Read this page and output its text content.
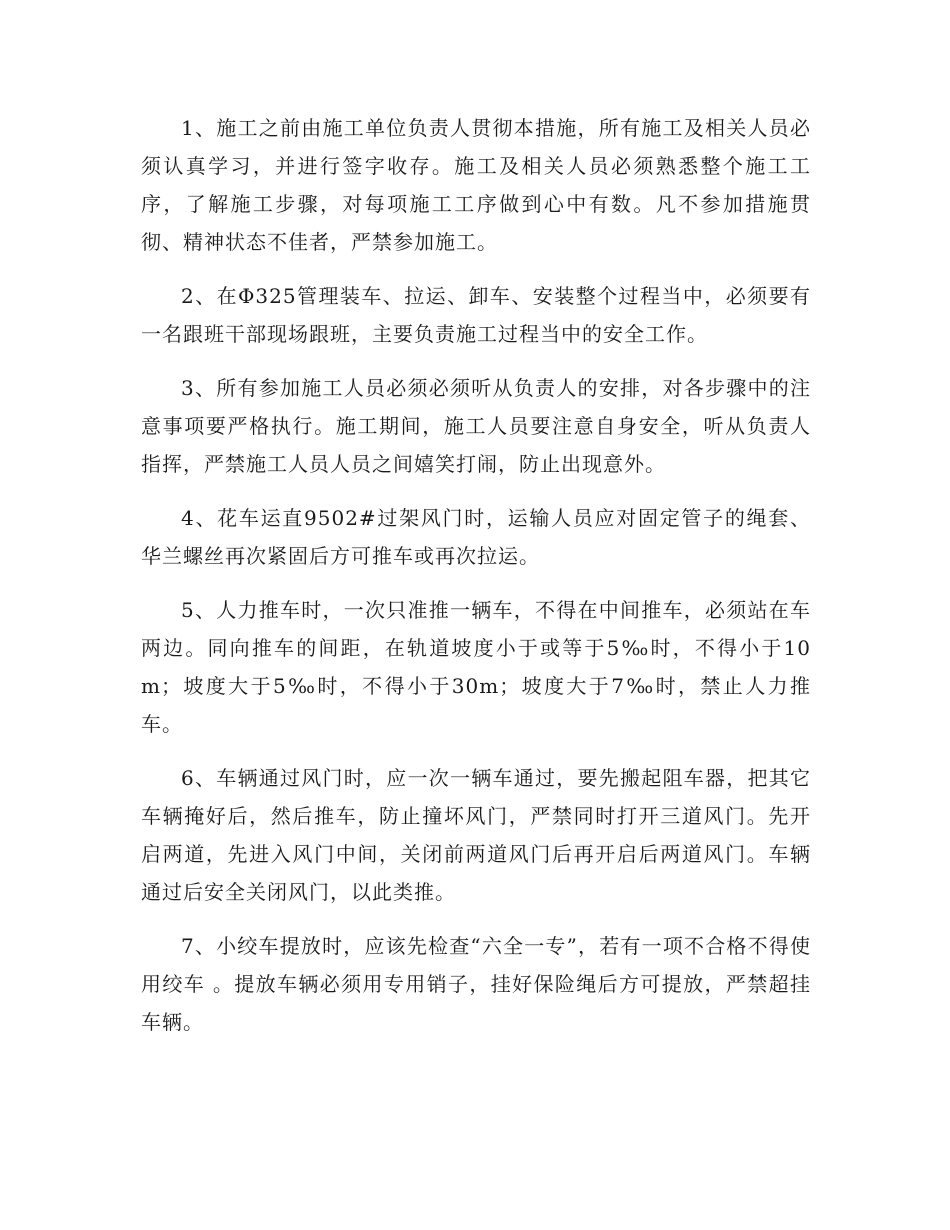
1、施工之前由施工单位负责人贯彻本措施，所有施工及相关人员必须认真学习，并进行签字收存。施工及相关人员必须熟悉整个施工工序，了解施工步骤，对每项施工工序做到心中有数。凡不参加措施贯彻、精神状态不佳者，严禁参加施工。

2、在Φ325管理装车、拉运、卸车、安装整个过程当中，必须要有一名跟班干部现场跟班，主要负责施工过程当中的安全工作。

3、所有参加施工人员必须必须听从负责人的安排，对各步骤中的注意事项要严格执行。施工期间，施工人员要注意自身安全，听从负责人指挥，严禁施工人员人员之间嬉笑打闹，防止出现意外。

4、花车运直9502#过架风门时，运输人员应对固定管子的绳套、华兰螺丝再次紧固后方可推车或再次拉运。

5、人力推车时，一次只准推一辆车，不得在中间推车，必须站在车两边。同向推车的间距，在轨道坡度小于或等于5‰时，不得小于10m；坡度大于5‰时，不得小于30m；坡度大于7‰时，禁止人力推车。

6、车辆通过风门时，应一次一辆车通过，要先搬起阻车器，把其它车辆掩好后，然后推车，防止撞坏风门，严禁同时打开三道风门。先开启两道，先进入风门中间，关闭前两道风门后再开启后两道风门。车辆通过后安全关闭风门，以此类推。

7、小绞车提放时，应该先检查“六全一专”，若有一项不合格不得使用绞车 。提放车辆必须用专用销子，挂好保险绳后方可提放，严禁超挂车辆。
